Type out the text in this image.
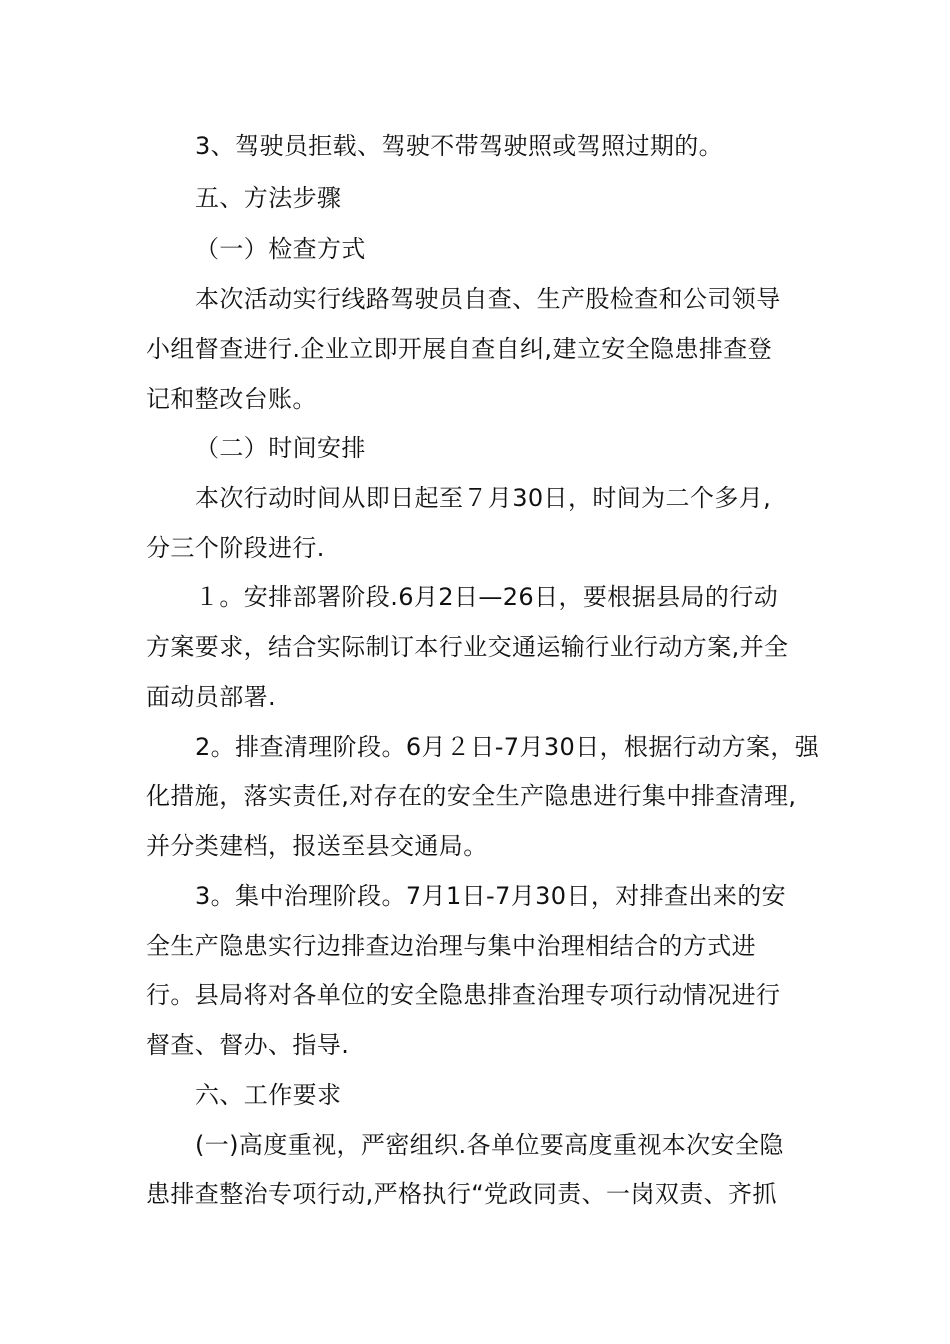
3、驾驶员拒载、驾驶不带驾驶照或驾照过期的。
五、方法步骤
（一）检查方式
本次活动实行线路驾驶员自查、生产股检查和公司领导
小组督查进行.企业立即开展自查自纠,建立安全隐患排查登
记和整改台账。
（二）时间安排
本次行动时间从即日起至７月30日，时间为二个多月,
分三个阶段进行.
１。安排部署阶段.6月2日—26日，要根据县局的行动
方案要求，结合实际制订本行业交通运输行业行动方案,并全
面动员部署.
2。排查清理阶段。6月２日-7月30日，根据行动方案，强
化措施，落实责任,对存在的安全生产隐患进行集中排查清理,
并分类建档，报送至县交通局。
3。集中治理阶段。7月1日-7月30日，对排查出来的安
全生产隐患实行边排查边治理与集中治理相结合的方式进
行。县局将对各单位的安全隐患排查治理专项行动情况进行
督查、督办、指导.
六、工作要求
(一)高度重视，严密组织.各单位要高度重视本次安全隐
患排查整治专项行动,严格执行“党政同责、一岗双责、齐抓
